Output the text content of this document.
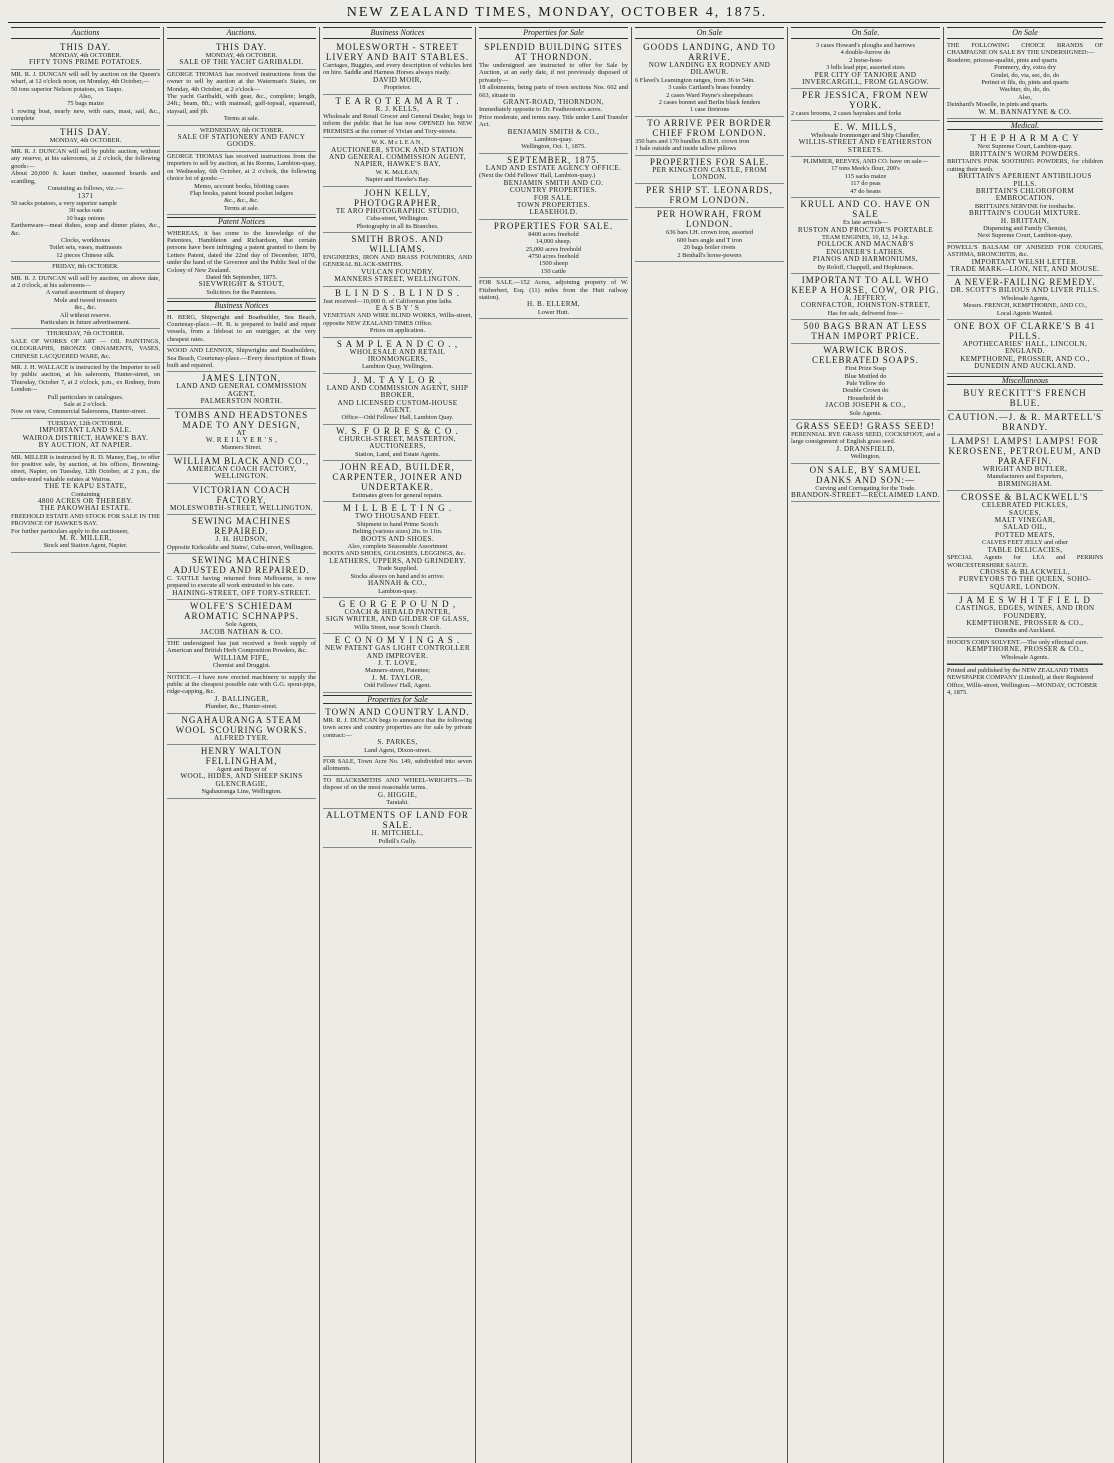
NEW ZEALAND TIMES, MONDAY, OCTOBER 4, 1875.
Auctions

THIS DAY.

MONDAY, 4th OCTOBER.

FIFTY TONS PRIME POTATOES.

MR. R. J. DUNCAN will sell by auction on the Queen's wharf, at 12 o'clock noon, on Monday, 4th October,—

50 tons superior Nelson potatoes, ex Taupo.

Also,

75 bags maize

1 rowing boat, nearly new, with oars, mast, sail, &c., complete

THIS DAY.

MONDAY, 4th OCTOBER.

MR. R. J. DUNCAN will sell by public auction, without any reserve, at his salerooms, at 2 o'clock, the following goods:—

About 20,000 ft. kauri timber, seasoned boards and scantling,

Consisting as follows, viz.:—

1371

50 sacks potatoes, a very superior sample

30 sacks oats

10 bags onions

Earthenware—meat dishes, soup and dinner plates, &c., &c.

Clocks, workboxes

Toilet sets, vases, mattrasses

12 pieces Chinese silk.

FRIDAY, 8th OCTOBER.

MR. R. J. DUNCAN will sell by auction, on above date, at 2 o'clock, at his salerooms—

A varied assortment of drapery

Mole and tweed trousers

&c., &c.

All without reserve.

Particulars in future advertisement.

THURSDAY, 7th OCTOBER.

SALE OF WORKS OF ART — OIL PAINTINGS, OLEOGRAPHS, BRONZE ORNAMENTS, VASES, CHINESE LACQUERED WARE, &c.

MR. J. H. WALLACE is instructed by the Importer to sell by public auction, at his saleroom, Hunter-street, on Thursday, October 7, at 2 o'clock, p.m., ex Rodney, from London—

Full particulars in catalogues.

Sale at 2 o'clock.

Now on view, Commercial Salerooms, Hunter-street.

TUESDAY, 12th OCTOBER.

IMPORTANT LAND SALE.

WAIROA DISTRICT, HAWKE'S BAY.

BY AUCTION, AT NAPIER.

MR. MILLER is instructed by R. D. Maney, Esq., to offer for positive sale, by auction, at his offices, Browning-street, Napier, on Tuesday, 12th October, at 2 p.m., the under-noted valuable estates at Wairoa.

THE TE KAPU ESTATE,

Containing

4800 ACRES OR THEREBY.

THE PAKOWHAI ESTATE.

FREEHOLD ESTATE AND STOCK FOR SALE IN THE PROVINCE OF HAWKE'S BAY.

For further particulars apply to the auctioneer,

M. R. MILLER,

Stock and Station Agent, Napier.

Auctions.

THIS DAY.

MONDAY, 4th OCTOBER.

SALE OF THE YACHT GARIBALDI.

GEORGE THOMAS has received instructions from the owner to sell by auction at the Waterman's Stairs, on Monday, 4th October, at 2 o'clock—

The yacht Garibaldi, with gear, &c., complete; length, 24ft.; beam, 8ft.; with mainsail, gaff-topsail, squaresail, staysail, and jib.

Terms at sale.

WEDNESDAY, 6th OCTOBER.

SALE OF STATIONERY AND FANCY GOODS.

GEORGE THOMAS has received instructions from the importers to sell by auction, at his Rooms, Lambton-quay, on Wednesday, 6th October, at 2 o'clock, the following choice lot of goods:—

Memo, account books, blotting cases

Flap books, patent bound pocket ledgers

&c., &c., &c.

Terms at sale.

Patent Notices

WHEREAS, it has come to the knowledge of the Patentees, Hambleton and Richardson, that certain persons have been infringing a patent granted to them by Letters Patent, dated the 22nd day of December, 1870, under the hand of the Governor and the Public Seal of the Colony of New Zealand.

Dated 9th September, 1875.

SIEVWRIGHT & STOUT,

Solicitors for the Patentees.

Business Notices

H. BERG, Shipwright and Boatbuilder, Sea Beach, Courtenay-place.—H. B. is prepared to build and repair vessels, from a lifeboat to an outrigger, at the very cheapest rates.

WOOD AND LENNOX, Shipwrights and Boatbuilders, Sea Beach, Courtenay-place.—Every description of Boats built and repaired.

JAMES LINTON,

LAND AND GENERAL COMMISSION AGENT,

PALMERSTON NORTH.

TOMBS AND HEADSTONES MADE TO ANY DESIGN,

AT

W. R E I L Y E R ' S ,

Manners Street.

WILLIAM BLACK AND CO.,

AMERICAN COACH FACTORY,

WELLINGTON.

VICTORIAN COACH FACTORY,

MOLESWORTH-STREET, WELLINGTON.

SEWING MACHINES REPAIRED.

J. H. HUDSON,

Opposite Kirkcaldie and Stains', Cuba-street, Wellington.

SEWING MACHINES ADJUSTED AND REPAIRED.

C. TATTLE having returned from Melbourne, is now prepared to execute all work entrusted to his care.

HAINING-STREET, OFF TORY-STREET.

WOLFE'S SCHIEDAM AROMATIC SCHNAPPS.

Sole Agents,

JACOB NATHAN & CO.

THE undersigned has just received a fresh supply of American and British Herb Composition Powders, &c.

WILLIAM FIFE,

Chemist and Druggist.

NOTICE.—I have now erected machinery to supply the public at the cheapest possible rate with G.G. spout-pipe, ridge-capping, &c.

J. BALLINGER,

Plumber, &c., Hunter-street.

NGAHAURANGA STEAM WOOL SCOURING WORKS.

ALFRED TYER.

HENRY WALTON FELLINGHAM,

Agent and Buyer of

WOOL, HIDES, AND SHEEP SKINS

GLENCRAGIE,

Ngahauranga Line, Wellington.

Business Notices

MOLESWORTH - STREET LIVERY AND BAIT STABLES.

Carriages, Buggies, and every description of vehicles lent on hire. Saddle and Harness Horses always ready.

DAVID MOIR,

Proprietor.

T E A R O T E A M A R T .

R. J. KELLS,

Wholesale and Retail Grocer and General Dealer, begs to inform the public that he has now OPENED his NEW PREMISES at the corner of Vivian and Tory-streets.

W. K. M c L E A N ,

AUCTIONEER, STOCK AND STATION AND GENERAL COMMISSION AGENT,

NAPIER, HAWKE'S BAY,

W. K. McLEAN,

Napier and Hawke's Bay.

JOHN KELLY, PHOTOGRAPHER,

TE ARO PHOTOGRAPHIC STUDIO,

Cuba-street, Wellington.

Photography in all its Branches.

SMITH BROS. AND WILLIAMS.

ENGINEERS, IRON AND BRASS FOUNDERS, AND GENERAL BLACK-SMITHS.

VULCAN FOUNDRY,

MANNERS STREET, WELLINGTON.

B L I N D S . B L I N D S .

Just received—10,000 ft. of Californian pine laths.

E A S B Y ' S

VENETIAN AND WIRE BLIND WORKS, Willis-street, opposite NEW ZEALAND TIMES Office.

Prices on application.

S A M P L E A N D C O . ,

WHOLESALE AND RETAIL IRONMONGERS,

Lambton Quay, Wellington.

J. M. T A Y L O R ,

LAND AND COMMISSION AGENT, SHIP BROKER,

AND LICENSED CUSTOM-HOUSE AGENT.

Office—Odd Fellows' Hall, Lambton Quay.

W. S. F O R R E S & C O .

CHURCH-STREET, MASTERTON,

AUCTIONEERS,

Station, Land, and Estate Agents.

JOHN READ, BUILDER, CARPENTER, JOINER AND UNDERTAKER.

Estimates given for general repairs.

M I L L B E L T I N G .

TWO THOUSAND FEET.

Shipment to hand Prime Scotch

Belting (various sizes) 2in. to 11in.

BOOTS AND SHOES.

Also, complete Seasonable Assortment

BOOTS AND SHOES, GOLOSHES, LEGGINGS, &c.

LEATHERS, UPPERS, AND GRINDERY.

Trade Supplied.

Stocks always on hand and to arrive.

HANNAH & CO.,

Lambton-quay.

G E O R G E P O U N D ,

COACH & HERALD PAINTER,

SIGN WRITER, AND GILDER OF GLASS,

Willis Street, near Scotch Church.

E C O N O M Y I N G A S .

NEW PATENT GAS LIGHT CONTROLLER AND IMPROVER.

J. T. LOVE,

Manners-street, Patentee;

J. M. TAYLOR,

Odd Fellows' Hall, Agent.

Properties for Sale

TOWN AND COUNTRY LAND.

MR. R. J. DUNCAN begs to announce that the following town acres and country properties are for sale by private contract:—

S. PARKES,

Land Agent, Dixon-street.

FOR SALE, Town Acre No. 149, subdivided into seven allotments.

TO BLACKSMITHS AND WHEEL-WRIGHTS.—To dispose of on the most reasonable terms.

G. HIGGIE,

Taratahi.

ALLOTMENTS OF LAND FOR SALE.

H. MITCHELL,

Polhill's Gully.

Properties for Sale

SPLENDID BUILDING SITES AT THORNDON.

The undersigned are instructed to offer for Sale by Auction, at an early date, if not previously disposed of privately—

18 allotments, being parts of town sections Nos. 662 and 663, situate in

GRANT-ROAD, THORNDON,

Immediately opposite to Dr. Featherston's acres.

Price moderate, and terms easy. Title under Land Transfer Act.

BENJAMIN SMITH & CO.,

Lambton-quay.

Wellington, Oct. 1, 1875.

SEPTEMBER, 1875.

LAND AND ESTATE AGENCY OFFICE.

(Next the Odd Fellows' Hall, Lambton-quay.)

BENJAMIN SMITH AND CO.

COUNTRY PROPERTIES.

FOR SALE.

TOWN PROPERTIES.

LEASEHOLD.

PROPERTIES FOR SALE.

8400 acres freehold

14,000 sheep.

25,000 acres freehold

4750 acres freehold

1500 sheep

150 cattle

FOR SALE.—152 Acres, adjoining property of W. Fitzherbert, Esq. (11) miles from the Hutt railway station).

H. B. ELLERM,

Lower Hutt.

On Sale

GOODS LANDING, AND TO ARRIVE.

NOW LANDING EX RODNEY AND DILAWUR.

6 Flavel's Leamington ranges, from 36 to 54in.

3 casks Cartland's brass foundry

2 cases Ward Payne's sheepshears

2 cases bonnet and Berlin black fenders

1 case fireirons

TO ARRIVE PER BORDER CHIEF FROM LONDON.

350 bars and 170 bundles B.B.H. crown iron

1 bale outside and inside tallow pillows

PROPERTIES FOR SALE.

PER KINGSTON CASTLE, FROM LONDON.

PER SHIP ST. LEONARDS, FROM LONDON.

PER HOWRAH, FROM LONDON.

636 bars I.H. crown iron, assorted

600 bars angle and T iron

20 bags boiler rivets

2 Benhall's horse-powers

On Sale.

3 cases Howard's ploughs and harrows

4 double-furrow do

2 horse-hoes

3 bdls lead pipe, assorted sizes

PER CITY OF TANJORE AND INVERCARGILL, FROM GLASGOW.

PER JESSICA, FROM NEW YORK.

2 cases brooms, 2 cases hayrakes and forks

E. W. MILLS,

Wholesale Ironmonger and Ship Chandler,

WILLIS-STREET AND FEATHERSTON STREETS.

PLIMMER, REEVES, AND CO. have on sale—

17 tons Meek's flour, 200's

115 sacks maize

117 do peas

47 do beans

KRULL AND CO. HAVE ON SALE

Ex late arrivals—

RUSTON AND PROCTOR'S PORTABLE

TEAM ENGINES, 10, 12, 14 h.p.

POLLOCK AND MACNAB'S

ENGINEER'S LATHES.

PIANOS AND HARMONIUMS,

By Roloff, Chappell, and Hopkinson.

IMPORTANT TO ALL WHO KEEP A HORSE, COW, OR PIG.

A. JEFFERY,

CORNFACTOR, JOHNSTON-STREET,

Has for sale, delivered free—

500 BAGS BRAN AT LESS THAN IMPORT PRICE.

WARWICK BROS. CELEBRATED SOAPS.

First Prize Soap

Blue Mottled do

Pale Yellow do

Double Crown do

Household do

JACOB JOSEPH & CO.,

Sole Agents.

GRASS SEED! GRASS SEED!

PERENNIAL RYE GRASS SEED, COCKSFOOT, and a large consignment of English grass seed.

J. DRANSFIELD,

Wellington.

ON SALE, BY SAMUEL DANKS AND SON:—

Curving and Corrugating for the Trade.

BRANDON-STREET—RECLAIMED LAND.

On Sale

THE FOLLOWING CHOICE BRANDS OF CHAMPAGNE ON SALE BY THE UNDERSIGNED:—

Roederer, pricesse-qualité, pints and quarts

Pommery, dry, extra dry

Goulet, do, via, sec, do, do

Perinet et fils, do, pints and quarts

Wachter, do, do, do.

Also,

Deinhard's Moselle, in pints and quarts.

W. M. BANNATYNE & CO.

Medical.

T H E P H A R M A C Y

Next Supreme Court, Lambton-quay.

BRITTAIN'S WORM POWDERS.

BRITTAIN'S PINK SOOTHING POWDERS, for children cutting their teeth.

BRITTAIN'S APERIENT ANTIBILIOUS PILLS.

BRITTAIN'S CHLOROFORM EMBROCATION.

BRITTAIN'S NERVINE for toothache.

BRITTAIN'S COUGH MIXTURE.

H. BRITTAIN,

Dispensing and Family Chemist,

Next Supreme Court, Lambton-quay.

POWELL'S BALSAM OF ANISEED FOR COUGHS, ASTHMA, BRONCHITIS, &c.

IMPORTANT WELSH LETTER.

TRADE MARK—LION, NET, AND MOUSE.

A NEVER-FAILING REMEDY.

DR. SCOTT'S BILIOUS AND LIVER PILLS.

Wholesale Agents,

Messrs. FRENCH, KEMPTHORNE, AND CO.,

Local Agents Wanted.

ONE BOX OF CLARKE'S B 41 PILLS.

APOTHECARIES' HALL, LINCOLN, ENGLAND.

KEMPTHORNE, PROSSER, AND CO.,

DUNEDIN AND AUCKLAND.

Miscellaneous

BUY RECKITT'S FRENCH BLUE.

CAUTION.—J. & R. MARTELL'S BRANDY.

LAMPS! LAMPS! LAMPS! FOR KEROSENE, PETROLEUM, AND PARAFFIN.

WRIGHT AND BUTLER,

Manufacturers and Exporters,

BIRMINGHAM.

CROSSE & BLACKWELL'S

CELEBRATED PICKLES,

SAUCES,

MALT VINEGAR,

SALAD OIL,

POTTED MEATS,

CALVES FEET JELLY and other

TABLE DELICACIES,

SPECIAL Agents for LEA and PERRINS WORCESTERSHIRE SAUCE.

CROSSE & BLACKWELL,

PURVEYORS TO THE QUEEN, SOHO-SQUARE, LONDON.

J A M E S W H I T F I E L D

CASTINGS, EDGES, WINES, AND IRON FOUNDERY,

KEMPTHORNE, PROSSER & CO.,

Dunedin and Auckland.

HOOD'S CORN SOLVENT.—The only effectual cure.

KEMPTHORNE, PROSSER & CO.,

Wholesale Agents.

Printed and published by the NEW ZEALAND TIMES NEWSPAPER COMPANY (Limited), at their Registered Office, Willis-street, Wellington.—MONDAY, OCTOBER 4, 1875.
